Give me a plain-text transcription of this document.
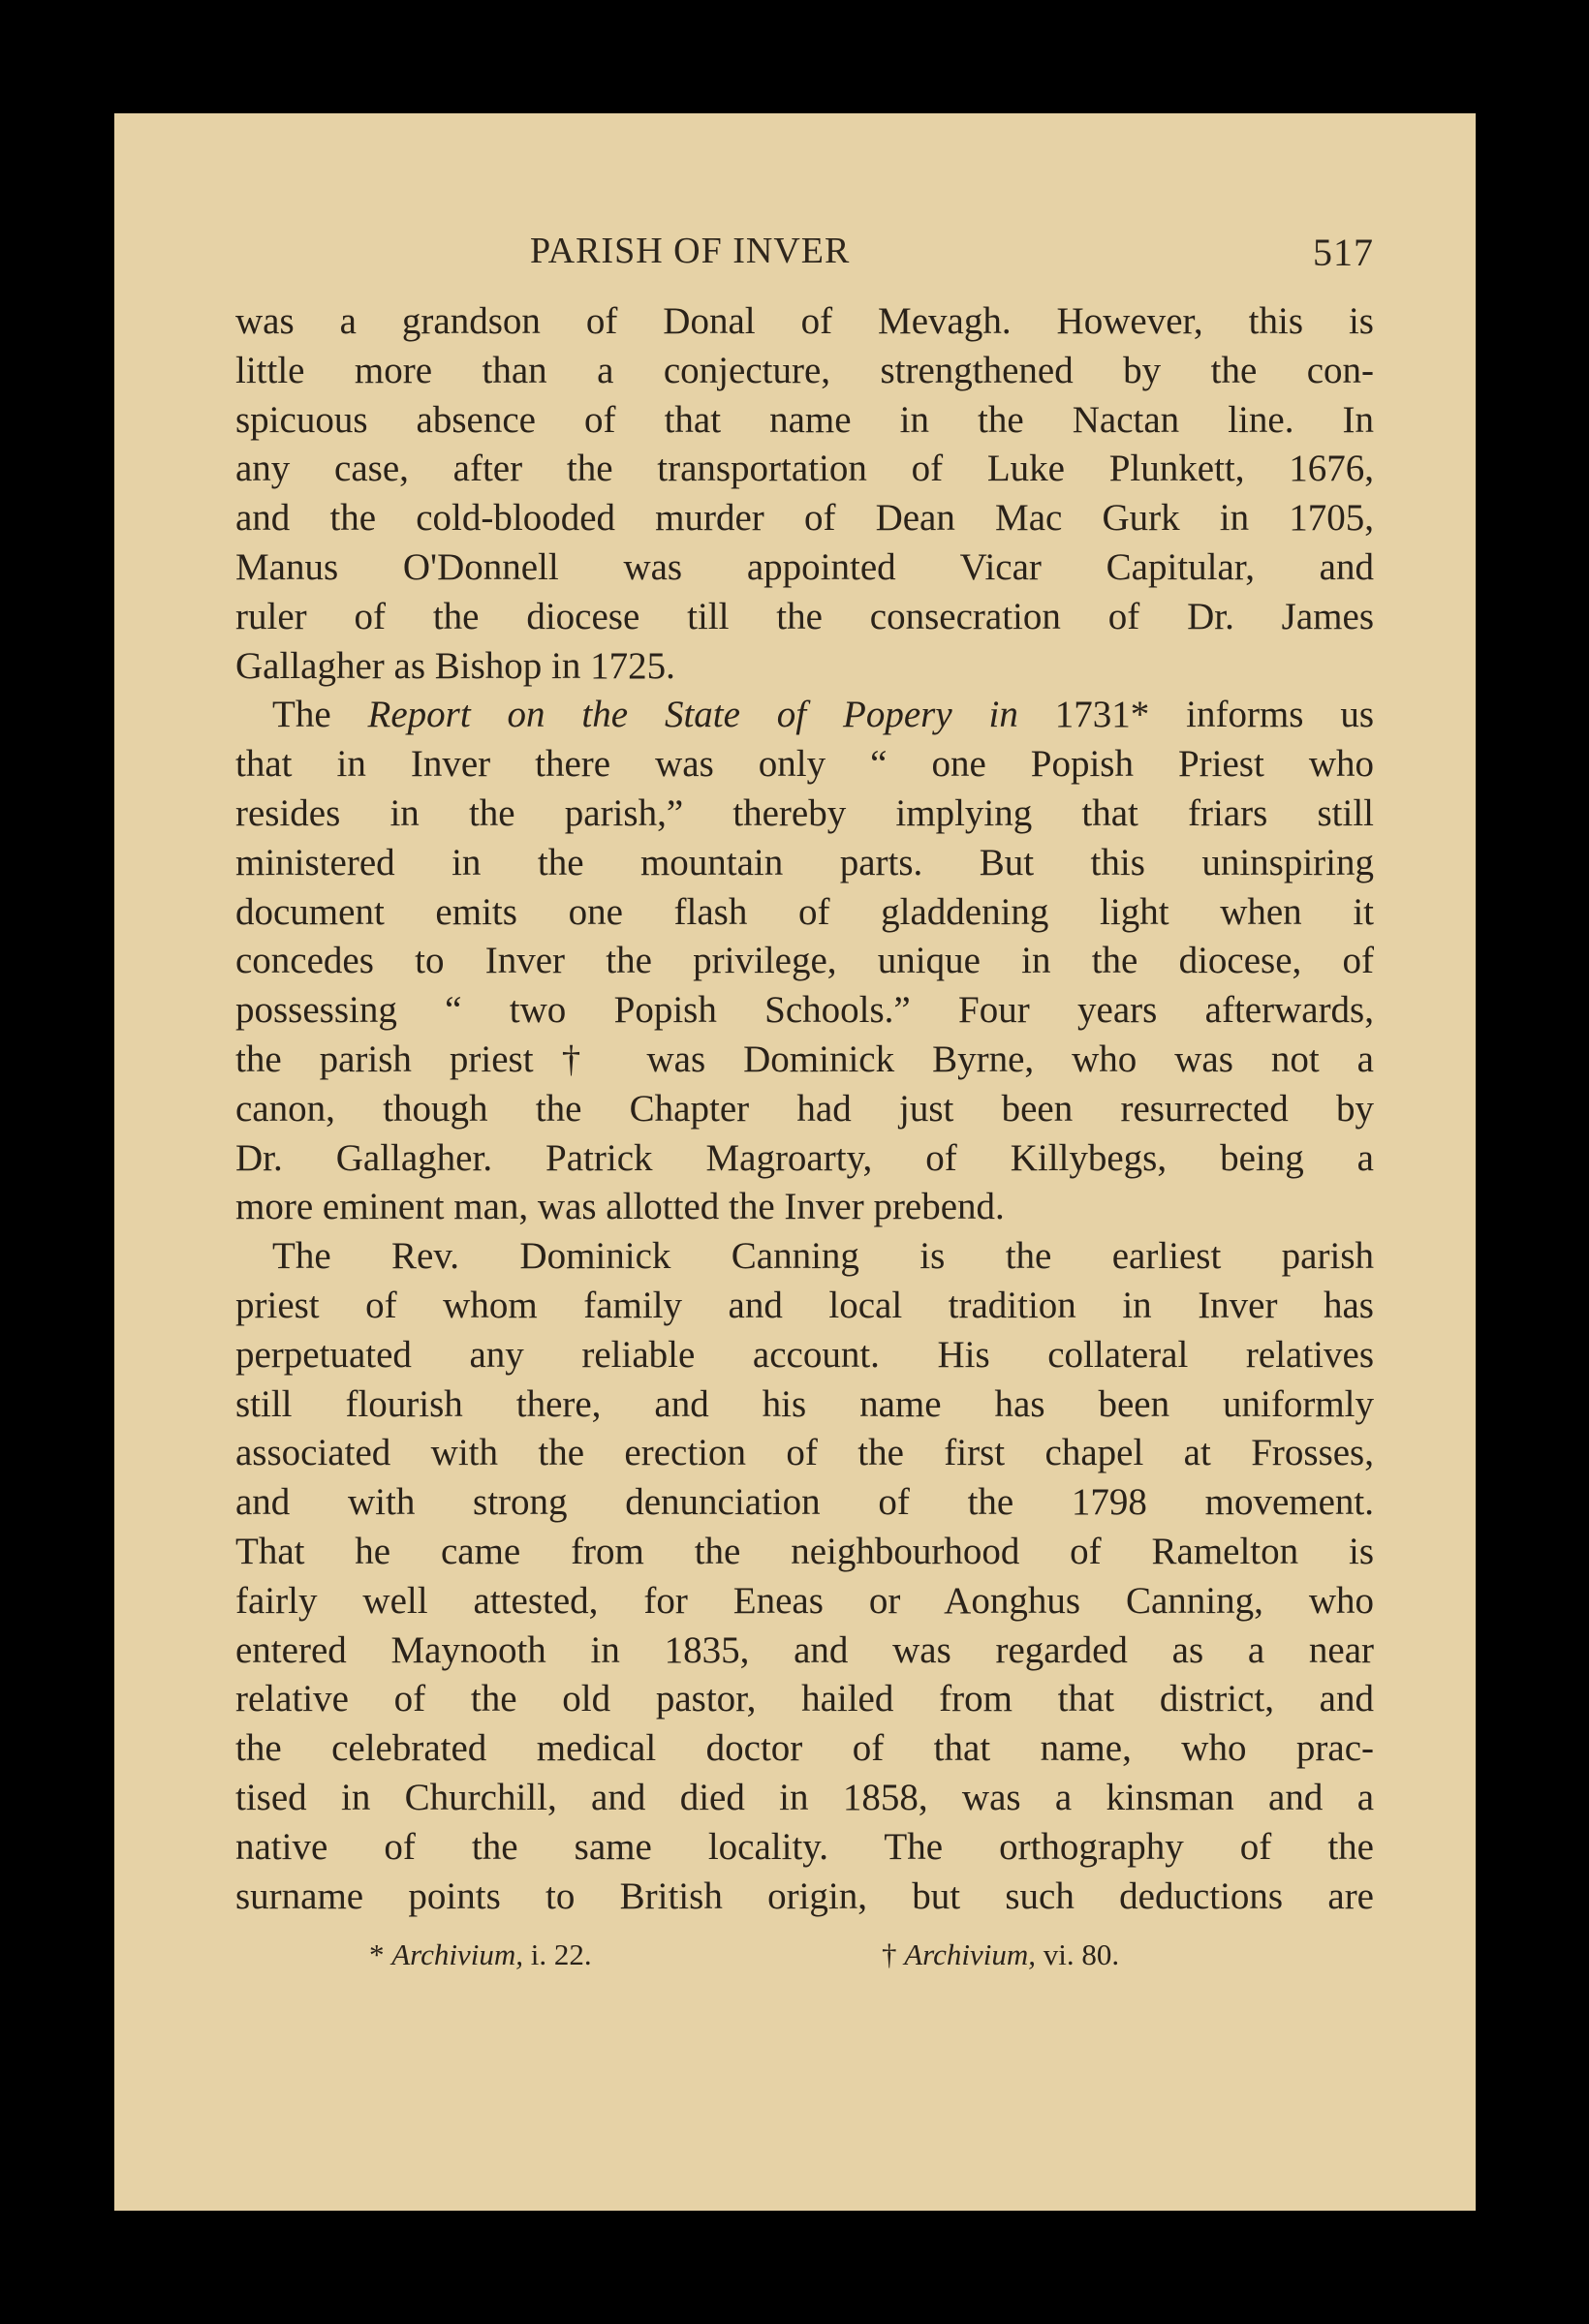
PARISH OF INVER	517

was a grandson of Donal of Mevagh. However, this is
little more than a conjecture, strengthened by the con-
spicuous absence of that name in the Nactan line. In
any case, after the transportation of Luke Plunkett, 1676,
and the cold-blooded murder of Dean Mac Gurk in 1705,
Manus O'Donnell was appointed Vicar Capitular, and
ruler of the diocese till the consecration of Dr. James
Gallagher as Bishop in 1725.

The Report on the State of Popery in 1731* informs us
that in Inver there was only “ one Popish Priest who
resides in the parish,” thereby implying that friars still
ministered in the mountain parts. But this uninspiring
document emits one flash of gladdening light when it
concedes to Inver the privilege, unique in the diocese, of
possessing “ two Popish Schools.” Four years afterwards,
the parish priest† was Dominick Byrne, who was not a
canon, though the Chapter had just been resurrected by
Dr. Gallagher. Patrick Magroarty, of Killybegs, being a
more eminent man, was allotted the Inver prebend.

The Rev. Dominick Canning is the earliest parish
priest of whom family and local tradition in Inver has
perpetuated any reliable account. His collateral relatives
still flourish there, and his name has been uniformly
associated with the erection of the first chapel at Frosses,
and with strong denunciation of the 1798 movement.
That he came from the neighbourhood of Ramelton is
fairly well attested, for Eneas or Aonghus Canning, who
entered Maynooth in 1835, and was regarded as a near
relative of the old pastor, hailed from that district, and
the celebrated medical doctor of that name, who prac-
tised in Churchill, and died in 1858, was a kinsman and a
native of the same locality. The orthography of the
surname points to British origin, but such deductions are

* Archivium, i. 22.	† Archivium, vi. 80.
